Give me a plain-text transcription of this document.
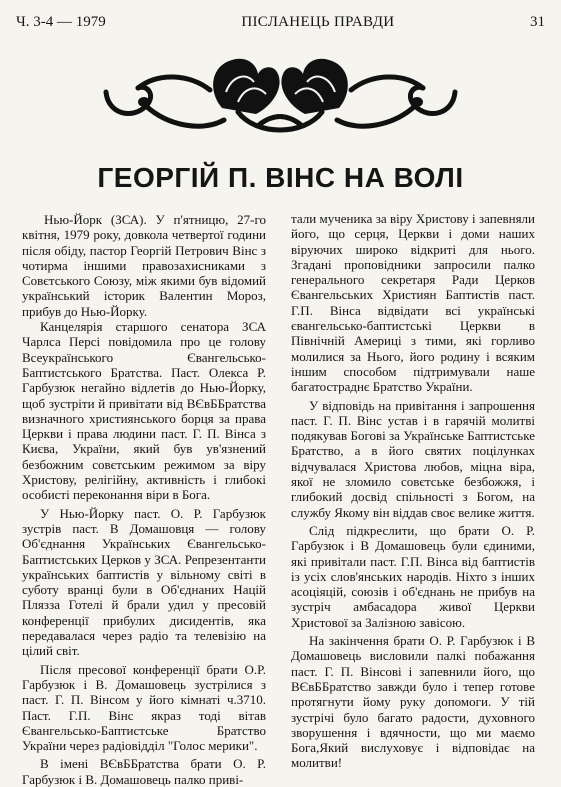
Ч. 3-4 — 1979	ПІСЛАНЕЦЬ ПРАВДИ	31
ГЕОРГІЙ П. ВІНС НА ВОЛІ

Нью-Йорк (ЗСА). У п'ятницю, 27-го квітня, 1979 року, довкола четвертої години після обіду, пастор Георгій Петрович Вінс з чотирма іншими правозахисниками з Совєтського Союзу, між якими був відомий український історик Валентин Мороз, прибув до Нью-Йорку.

Канцелярія старшого сенатора ЗСА Чарлса Персі повідомила про це голову Всеукраїнського Євангельсько-Баптистського Братства. Паст. Олекса Р. Гарбузюк негайно відлетів до Нью-Йорку, щоб зустріти й привітати від ВЄвББратства визначного християнського борця за права Церкви і права людини паст. Г. П. Вінса з Києва, України, який був ув'язнений безбожним совєтським режимом за віру Христову, релігійну, активність і глибокі особисті переконання віри в Бога.

У Нью-Йорку паст. О. Р. Гарбузюк зустрів паст. В Домашовця — голову Об'єднання Українських Євангельсько-Баптистських Церков у ЗСА. Репрезентанти українських баптистів у вільному світі в суботу вранці були в Об'єднаних Націй Плязза Готелі й брали удил у пресовій конференції прибулих дисидентів, яка передавалася через радіо та телевізію на цілий світ.

Після пресової конференції брати О.Р. Гарбузюк і В. Домашовець зустрілися з паст. Г. П. Вінсом у його кімнаті ч.3710. Паст. Г.П. Вінс якраз тоді вітав Євангельсько-Баптистське Братство України через радіовідділ "Голос мерики".

В імені ВЄвББратства брати О. Р. Гарбузюк і В. Домашовець палко приві-

тали мученика за віру Христову і запевняли його, що серця, Церкви і доми наших віруючих широко відкриті для нього. Згадані проповідники запросили палко генерального секретаря Ради Церков Євангельських Християн Баптистів паст. Г.П. Вінса відвідати всі українські євангельсько-баптистські Церкви в Північній Америці з тими, які горливо молилися за Нього, його родину і всяким іншим способом підтримували наше багатостраднє Братство України.

У відповідь на привітання і запрошення паст. Г. П. Вінс устав і в гарячій молитві подякував Богові за Українське Баптистське Братство, а в його святих поцілунках відчувалася Христова любов, міцна віра, якої не зломило совєтське безбожжя, і глибокий досвід спільності з Богом, на службу Якому він віддав своє велике життя.

Слід підкреслити, що брати О. Р. Гарбузюк і В Домашовець були єдиними, які привітали паст. Г.П. Вінса від баптистів із усіх слов'янських народів. Ніхто з інших асоціяцій, союзів і об'єднань не прибув на зустріч амбасадора живої Церкви Христової за Залізною завісою.

На закінчення брати О. Р. Гарбузюк і В Домашовець висловили палкі побажання паст. Г. П. Вінсові і запевнили його, що ВЄвББратство завжди було і тепер готове протягнути йому руку допомоги. У тій зустрічі було багато радости, духовного зворушення і вдячности, що ми маємо Бога,Який вислуховує і відповідає на молитви!
